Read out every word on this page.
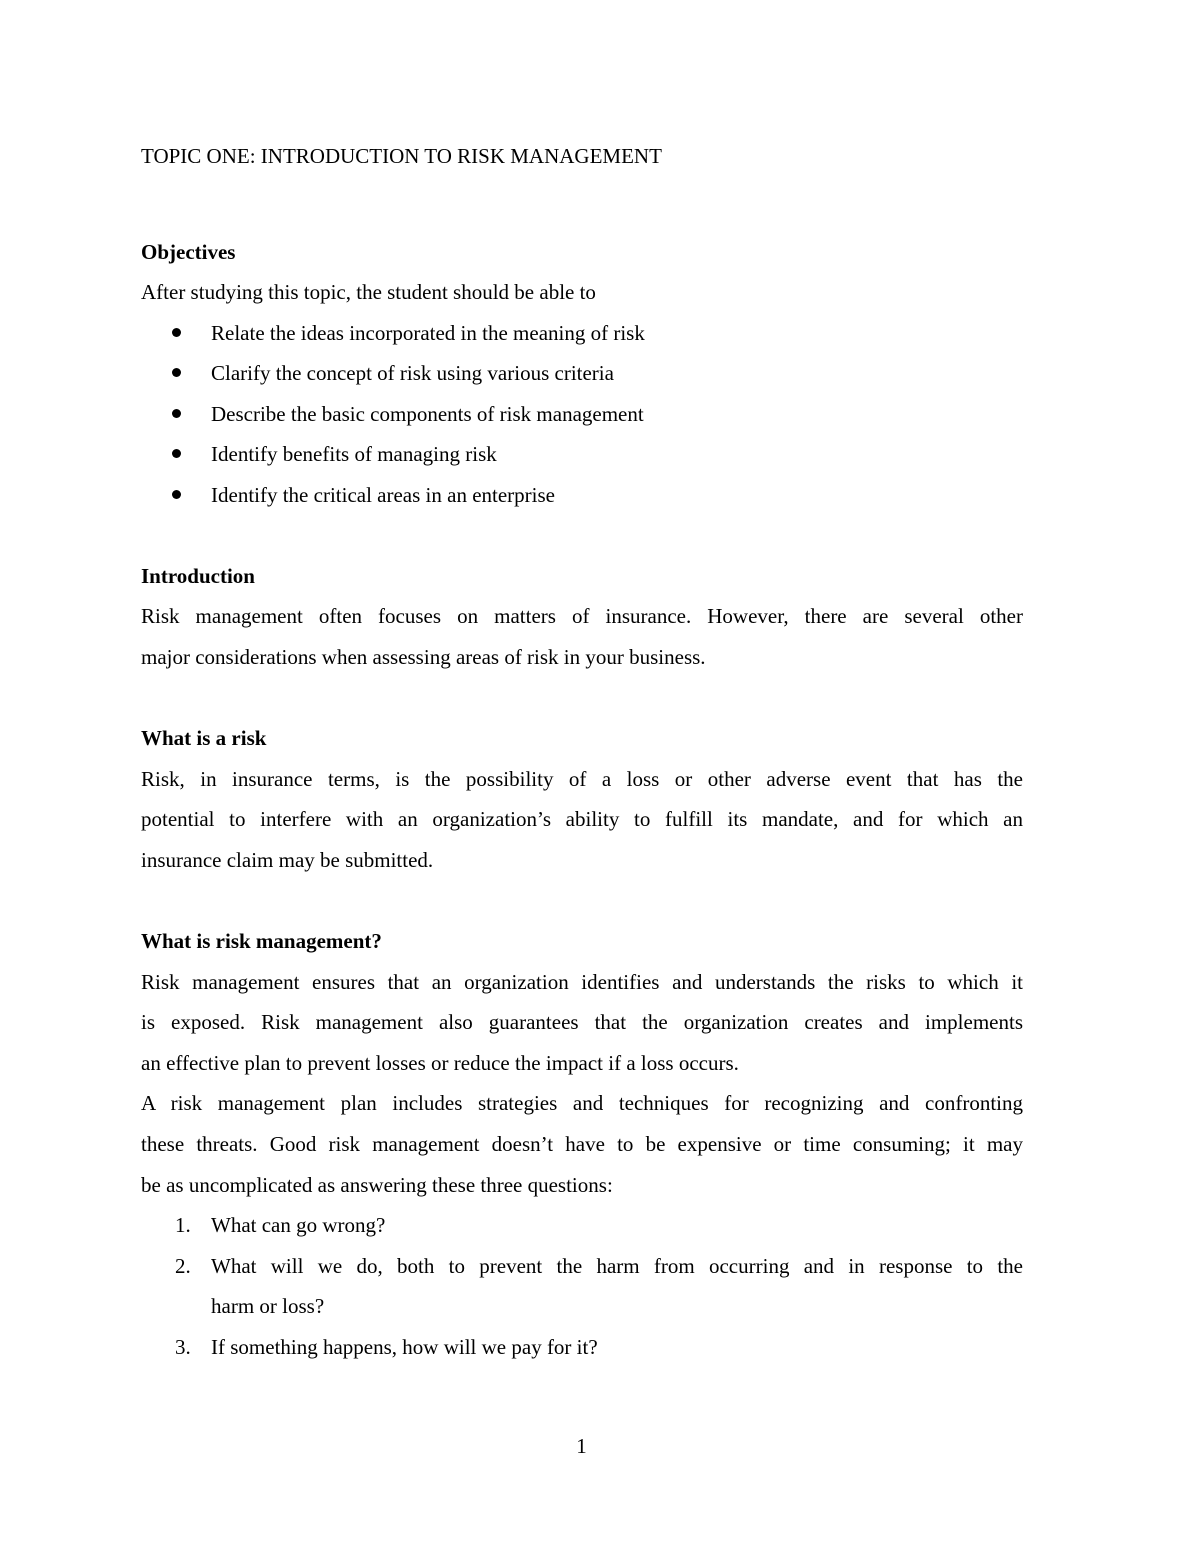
TOPIC ONE: INTRODUCTION TO RISK MANAGEMENT
Objectives
After studying this topic, the student should be able to
Relate the ideas incorporated in the meaning of risk
Clarify the concept of risk using various criteria
Describe the basic components of risk management
Identify benefits of managing risk
Identify the critical areas in an enterprise
Introduction
Risk management often focuses on matters of insurance. However, there are several other
major considerations when assessing areas of risk in your business.
What is a risk
Risk, in insurance terms, is the possibility of a loss or other adverse event that has the
potential to interfere with an organization’s ability to fulfill its mandate, and for which an
insurance claim may be submitted.
What is risk management?
Risk management ensures that an organization identifies and understands the risks to which it
is exposed. Risk management also guarantees that the organization creates and implements
an effective plan to prevent losses or reduce the impact if a loss occurs.
A risk management plan includes strategies and techniques for recognizing and confronting
these threats. Good risk management doesn’t have to be expensive or time consuming; it may
be as uncomplicated as answering these three questions:
1. What can go wrong?
2. What will we do, both to prevent the harm from occurring and in response to the
harm or loss?
3. If something happens, how will we pay for it?
1
